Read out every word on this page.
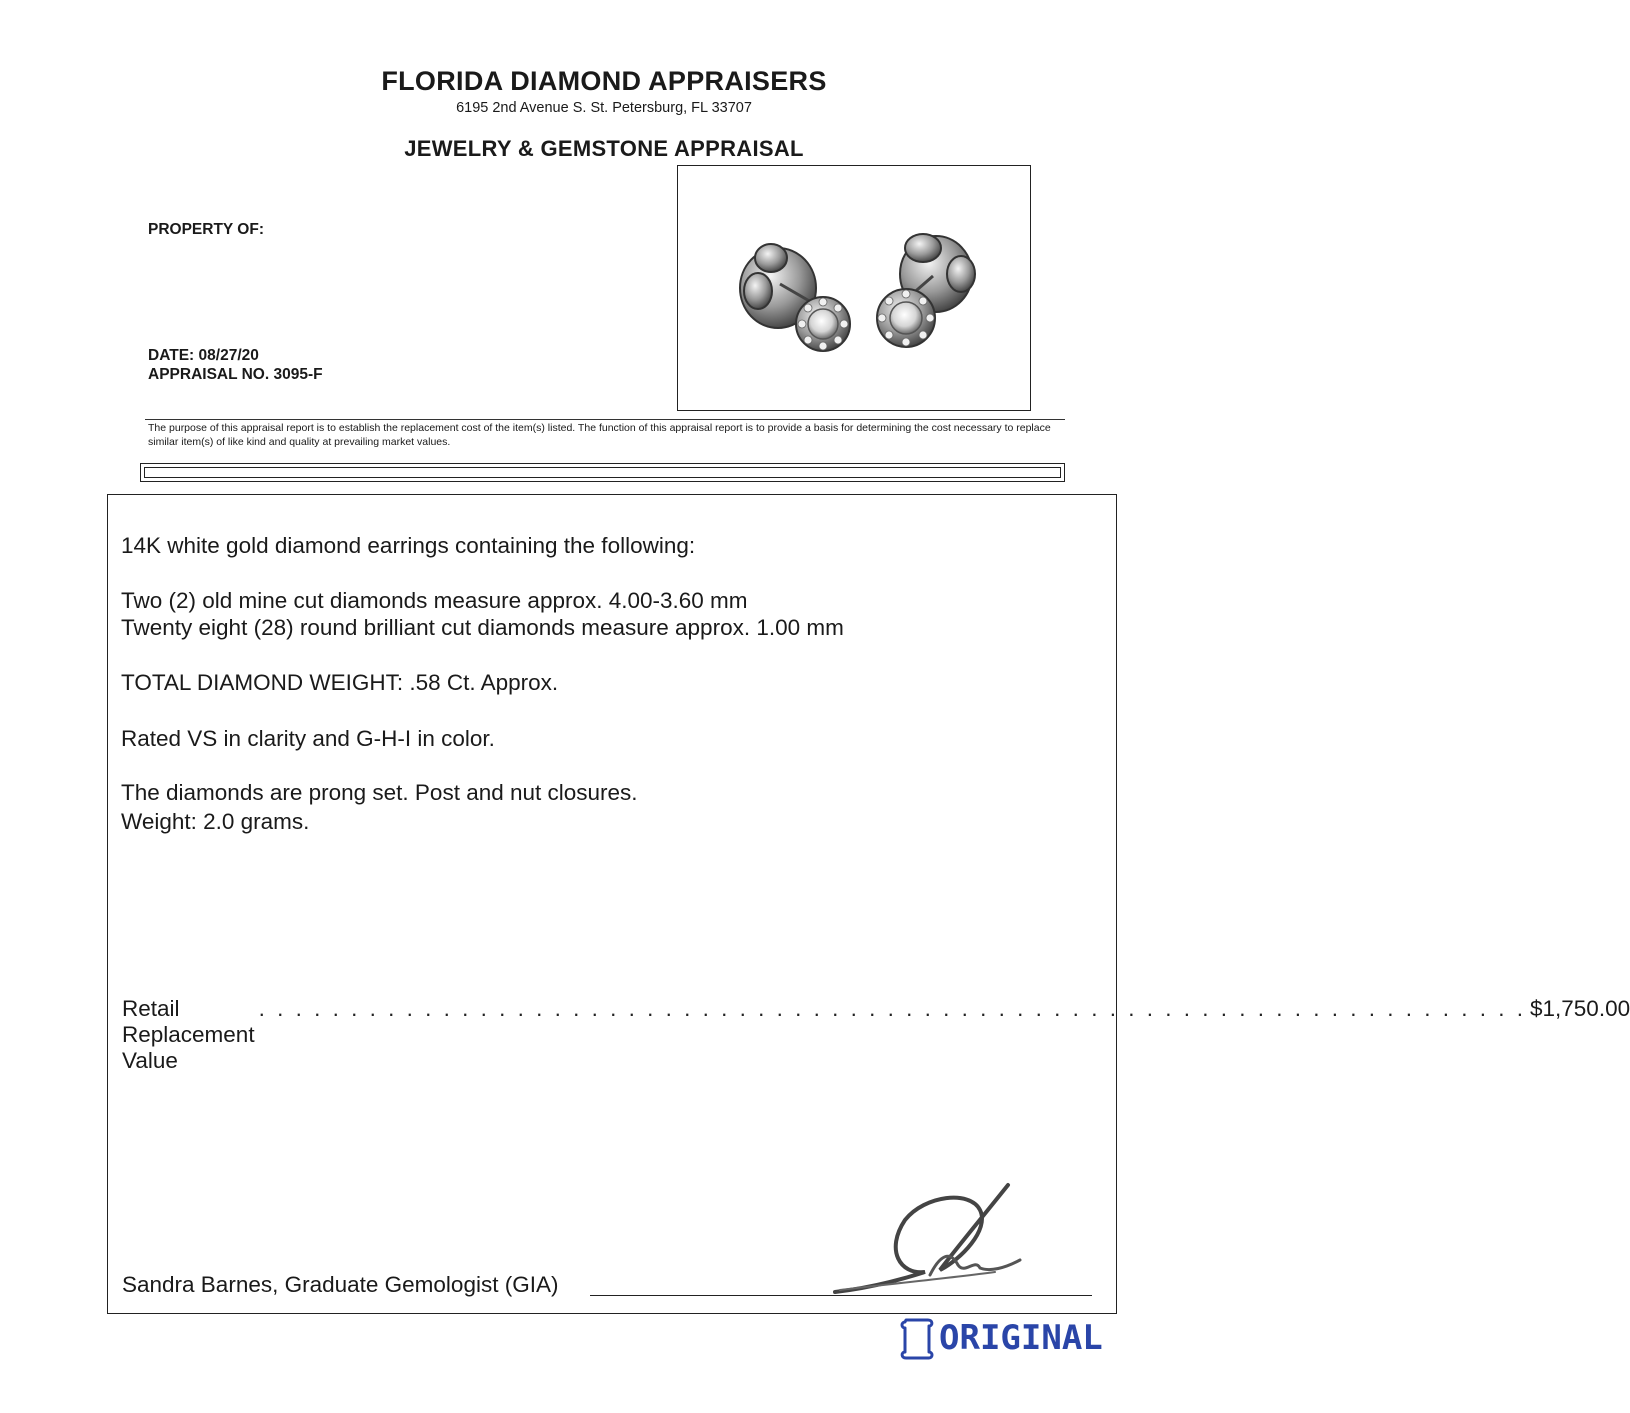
FLORIDA DIAMOND APPRAISERS
6195 2nd Avenue S. St. Petersburg, FL 33707
JEWELRY & GEMSTONE APPRAISAL
PROPERTY OF:
DATE: 08/27/20
APPRAISAL NO. 3095-F
The purpose of this appraisal report is to establish the replacement cost of the item(s) listed. The function of this appraisal report is to provide a basis for determining the cost necessary to replace similar item(s) of like kind and quality at prevailing market values.
14K white gold diamond earrings containing the following:
Two (2) old mine cut diamonds measure approx. 4.00-3.60 mm
Twenty eight (28) round brilliant cut diamonds measure approx. 1.00 mm
TOTAL DIAMOND WEIGHT: .58 Ct. Approx.
Rated VS in clarity and G-H-I in color.
The diamonds are prong set. Post and nut closures.
Weight: 2.0 grams.
Retail Replacement Value
. . . . . . . . . . . . . . . . . . . . . . . . . . . . . . . . . . . . . . . . . . . . . . . . . . . . . . . . . . . . . . . . . . . . . $1,750.00
Sandra Barnes, Graduate Gemologist (GIA)
ORIGINAL
